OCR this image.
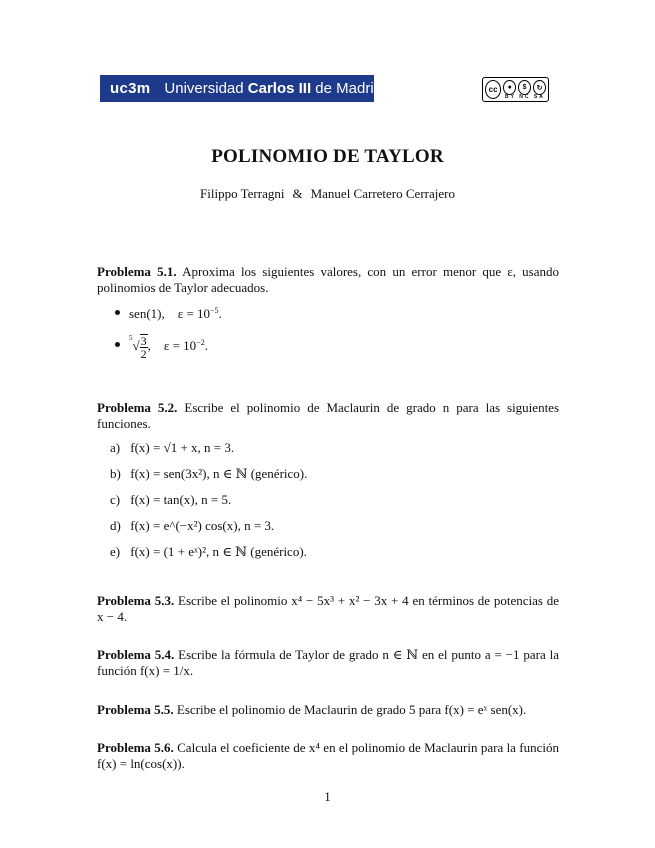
uc3m Universidad Carlos III de Madrid	cc	●	$	↻
BY NC SA
POLINOMIO DE TAYLOR
Filippo Terragni & Manuel Carretero Cerrajero
Problema 5.1. Aproxima los siguientes valores, con un error menor que ε, usando polinomios de Taylor adecuados.
sen(1), $\varepsilon = 10^{-5}$.
$^5√ \frac{3}{2}$ ,    $\varepsilon = 10^{-2}$.
Problema 5.2. Escribe el polinomio de Maclaurin de grado n para las siguientes funciones.
a) f(x) = √1 + x, n = 3.
b) f(x) = sen(3x²), n ∈ ℕ (genérico).
c) f(x) = tan(x), n = 5.
d) f(x) = e^(−x²) cos(x), n = 3.
e) f(x) = (1 + eˣ)², n ∈ ℕ (genérico).
Problema 5.3. Escribe el polinomio x⁴ − 5x³ + x² − 3x + 4 en términos de potencias de x − 4.
Problema 5.4. Escribe la fórmula de Taylor de grado n ∈ ℕ en el punto a = −1 para la función f(x) = 1/x.
Problema 5.5. Escribe el polinomio de Maclaurin de grado 5 para f(x) = eˣ sen(x).
Problema 5.6. Calcula el coeficiente de x⁴ en el polinomio de Maclaurin para la función f(x) = ln(cos(x)).
1
